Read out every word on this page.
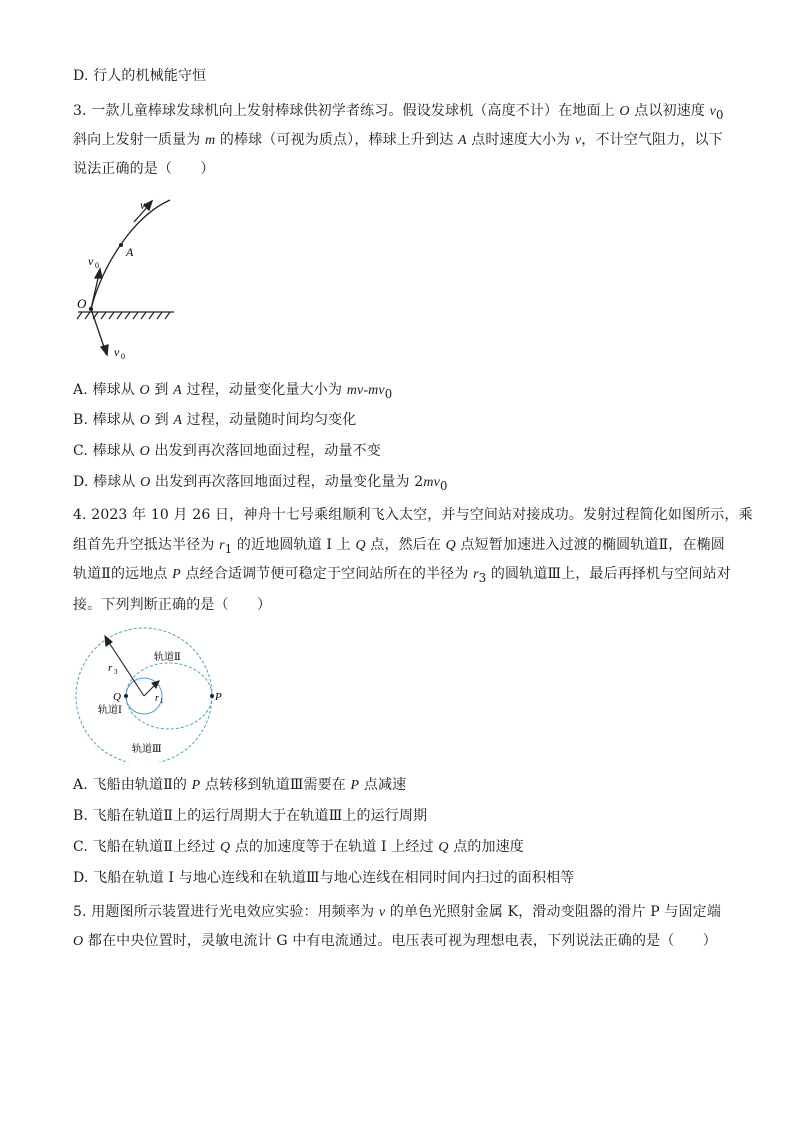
D. 行人的机械能守恒
3. 一款儿童棒球发球机向上发射棒球供初学者练习。假设发球机（高度不计）在地面上 O 点以初速度 $v_0$
斜向上发射一质量为 m 的棒球（可视为质点），棒球上升到达 A 点时速度大小为 v，不计空气阻力，以下
说法正确的是（　　）
v
A
v 0
O
v 0
A. 棒球从 O 到 A 过程，动量变化量大小为 $mv-mv_0$
B. 棒球从 O 到 A 过程，动量随时间均匀变化
C. 棒球从 O 出发到再次落回地面过程，动量不变
D. 棒球从 O 出发到再次落回地面过程，动量变化量为 $2mv_0$
4. 2023 年 10 月 26 日，神舟十七号乘组顺利飞入太空，并与空间站对接成功。发射过程简化如图所示，乘
组首先升空抵达半径为 $r_1$ 的近地圆轨道 Ⅰ 上 Q 点，然后在 Q 点短暂加速进入过渡的椭圆轨道Ⅱ，在椭圆
轨道Ⅱ的远地点 P 点经合适调节便可稳定于空间站所在的半径为 $r_3$ 的圆轨道Ⅲ上，最后再择机与空间站对
接。下列判断正确的是（　　）
r 3
轨道Ⅱ
Q	r 1	P
轨道Ⅰ
轨道Ⅲ
A. 飞船由轨道Ⅱ的 P 点转移到轨道Ⅲ需要在 P 点减速
B. 飞船在轨道Ⅱ上的运行周期大于在轨道Ⅲ上的运行周期
C. 飞船在轨道Ⅱ上经过 Q 点的加速度等于在轨道 Ⅰ 上经过 Q 点的加速度
D. 飞船在轨道 Ⅰ 与地心连线和在轨道Ⅲ与地心连线在相同时间内扫过的面积相等
5. 用题图所示装置进行光电效应实验：用频率为 ν 的单色光照射金属 K，滑动变阻器的滑片 P 与固定端
O 都在中央位置时，灵敏电流计 G 中有电流通过。电压表可视为理想电表，下列说法正确的是（　　）
